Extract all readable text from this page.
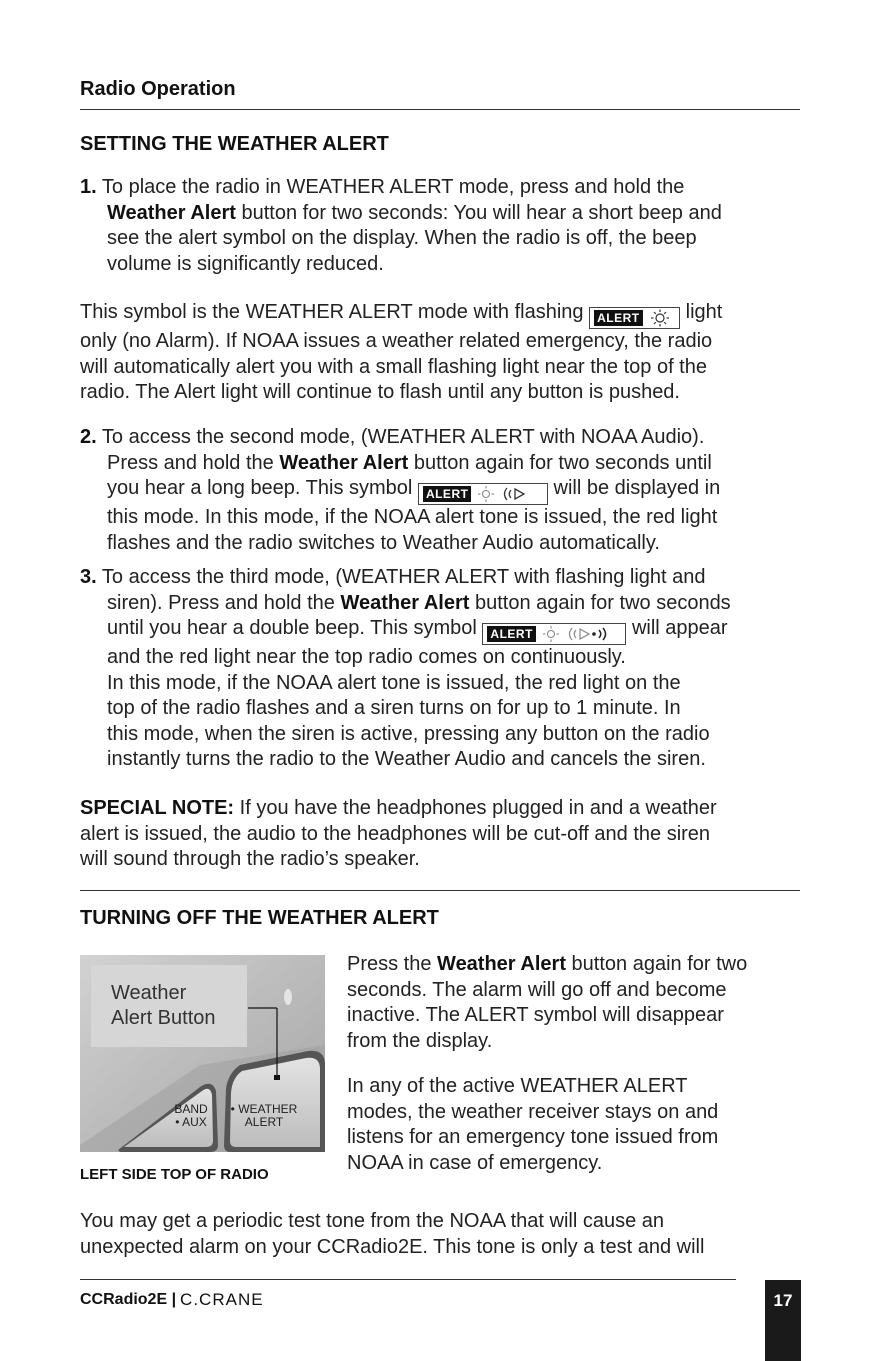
Radio Operation
SETTING THE WEATHER ALERT
1. To place the radio in WEATHER ALERT mode, press and hold the
Weather Alert button for two seconds: You will hear a short beep and
see the alert symbol on the display. When the radio is off, the beep
volume is significantly reduced.
This symbol is the WEATHER ALERT mode with flashing ALERT light
only (no Alarm). If NOAA issues a weather related emergency, the radio
will automatically alert you with a small flashing light near the top of the
radio. The Alert light will continue to flash until any button is pushed.
2. To access the second mode, (WEATHER ALERT with NOAA Audio).
Press and hold the Weather Alert button again for two seconds until
you hear a long beep. This symbol ALERT	will be displayed in
this mode. In this mode, if the NOAA alert tone is issued, the red light
flashes and the radio switches to Weather Audio automatically.
3. To access the third mode, (WEATHER ALERT with flashing light and
siren). Press and hold the Weather Alert button again for two seconds
until you hear a double beep. This symbol ALERT	will appear
and the red light near the top radio comes on continuously.
In this mode, if the NOAA alert tone is issued, the red light on the
top of the radio flashes and a siren turns on for up to 1 minute. In
this mode, when the siren is active, pressing any button on the radio
instantly turns the radio to the Weather Audio and cancels the siren.
SPECIAL NOTE: If you have the headphones plugged in and a weather
alert is issued, the audio to the headphones will be cut-off and the siren
will sound through the radio’s speaker.
TURNING OFF THE WEATHER ALERT
Weather
Alert Button
BAND
• AUX
• WEATHER
ALERT
LEFT SIDE TOP OF RADIO
Press the Weather Alert button again for two
seconds. The alarm will go off and become
inactive. The ALERT symbol will disappear
from the display.
In any of the active WEATHER ALERT
modes, the weather receiver stays on and
listens for an emergency tone issued from
NOAA in case of emergency.
You may get a periodic test tone from the NOAA that will cause an
unexpected alarm on your CCRadio2E. This tone is only a test and will
CCRadio2E | C.CRANE	17
